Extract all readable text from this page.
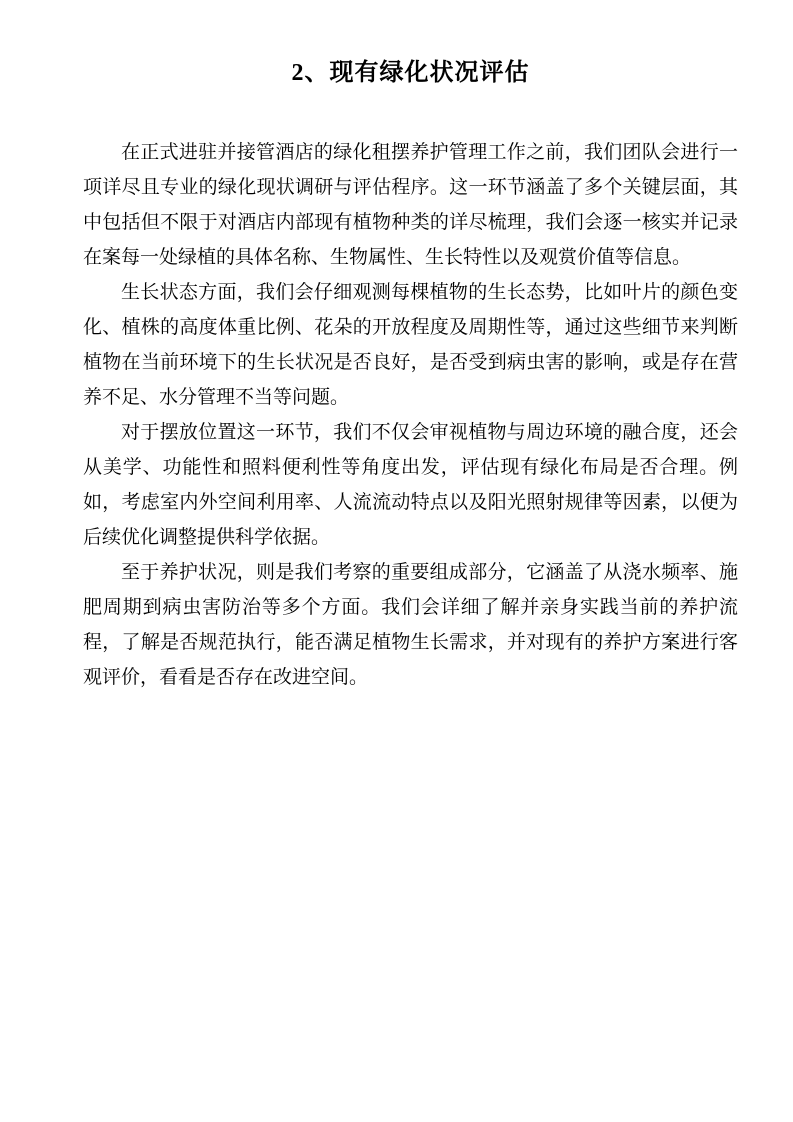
2、现有绿化状况评估

在正式进驻并接管酒店的绿化租摆养护管理工作之前，我们团队会进行一项详尽且专业的绿化现状调研与评估程序。这一环节涵盖了多个关键层面，其中包括但不限于对酒店内部现有植物种类的详尽梳理，我们会逐一核实并记录在案每一处绿植的具体名称、生物属性、生长特性以及观赏价值等信息。

生长状态方面，我们会仔细观测每棵植物的生长态势，比如叶片的颜色变化、植株的高度体重比例、花朵的开放程度及周期性等，通过这些细节来判断植物在当前环境下的生长状况是否良好，是否受到病虫害的影响，或是存在营养不足、水分管理不当等问题。

对于摆放位置这一环节，我们不仅会审视植物与周边环境的融合度，还会从美学、功能性和照料便利性等角度出发，评估现有绿化布局是否合理。例如，考虑室内外空间利用率、人流流动特点以及阳光照射规律等因素，以便为后续优化调整提供科学依据。

至于养护状况，则是我们考察的重要组成部分，它涵盖了从浇水频率、施肥周期到病虫害防治等多个方面。我们会详细了解并亲身实践当前的养护流程，了解是否规范执行，能否满足植物生长需求，并对现有的养护方案进行客观评价，看看是否存在改进空间。
